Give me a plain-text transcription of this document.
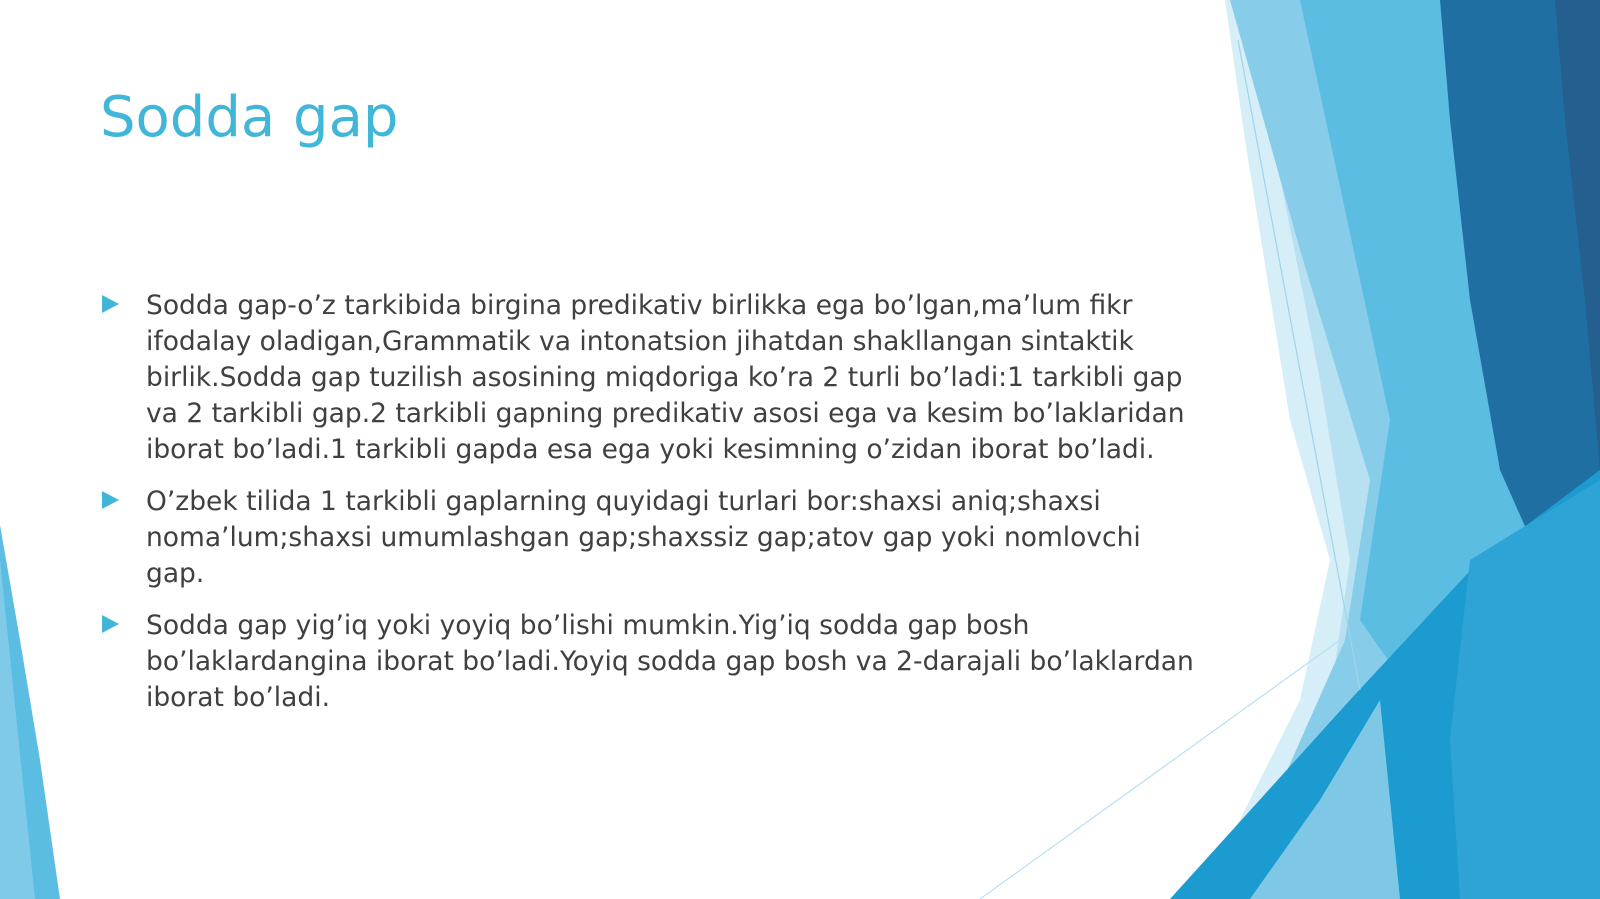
Sodda gap
Sodda gap-o’z tarkibida birgina predikativ birlikka ega bo’lgan,ma’lum fikr ifodalay oladigan,Grammatik va intonatsion jihatdan shakllangan sintaktik birlik.Sodda gap tuzilish asosining miqdoriga ko’ra 2 turli bo’ladi:1 tarkibli gap va 2 tarkibli gap.2 tarkibli gapning predikativ asosi ega va kesim bo’laklaridan iborat bo’ladi.1 tarkibli gapda esa ega yoki kesimning o’zidan iborat bo’ladi.
O’zbek tilida 1 tarkibli gaplarning quyidagi turlari bor:shaxsi aniq;shaxsi noma’lum;shaxsi umumlashgan gap;shaxssiz gap;atov gap yoki nomlovchi gap.
Sodda gap yig’iq yoki yoyiq bo’lishi mumkin.Yig’iq sodda gap bosh bo’laklardangina iborat bo’ladi.Yoyiq sodda gap bosh va 2-darajali bo’laklardan iborat bo’ladi.
